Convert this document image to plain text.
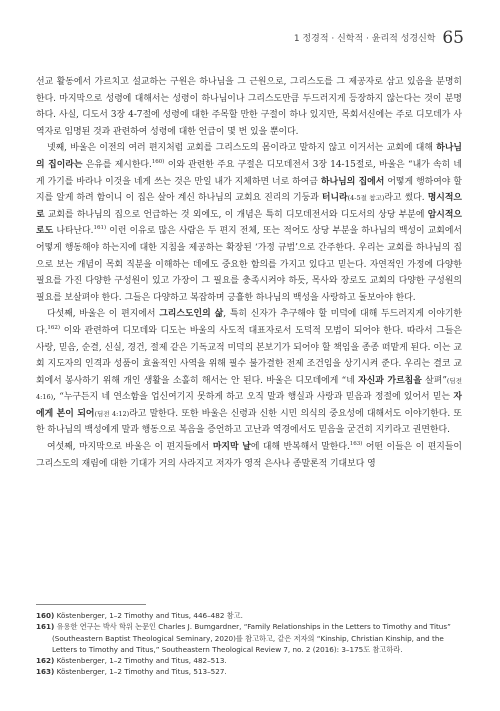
1 정경적 · 신학적 · 윤리적 성경신학 65

선교 활동에서 가르치고 설교하는 구원은 하나님을 그 근원으로, 그리스도를 그 제공자로 삼고 있음을 분명히 한다. 마지막으로 성령에 대해서는 성령이 하나님이나 그리스도만큼 두드러지게 등장하지 않는다는 것이 분명하다. 사실, 디도서 3장 4-7절에 성령에 대한 주목할 만한 구절이 하나 있지만, 목회서신에는 주로 디모데가 사역자로 임명된 것과 관련하여 성령에 대한 언급이 몇 번 있을 뿐이다.

넷째, 바울은 이전의 여러 편지처럼 교회를 그리스도의 몸이라고 말하지 않고 이거서는 교회에 대해 하나님의 집이라는 은유를 제시한다.$^{160)}$ 이와 관련한 주요 구절은 디모데전서 3장 14-15절로, 바울은 “내가 속히 네게 가기를 바라나 이것을 네게 쓰는 것은 만일 내가 지체하면 너로 하여금 하나님의 집에서 어떻게 행하여야 할지를 알게 하려 함이니 이 집은 살아 계신 하나님의 교회요 진리의 기둥과 터니라(4-5절 참고)라고 썼다. 명시적으로 교회를 하나님의 집으로 언급하는 것 외에도, 이 개념은 특히 디모데전서와 디도서의 상당 부분에 암시적으로도 나타난다.$^{161)}$ 이런 이유로 많은 사람은 두 편지 전체, 또는 적어도 상당 부분을 하나님의 백성이 교회에서 어떻게 행동해야 하는지에 대한 지침을 제공하는 확장된 ‘가정 규범’으로 간주한다. 우리는 교회를 하나님의 집으로 보는 개념이 목회 직분을 이해하는 데에도 중요한 함의를 가지고 있다고 믿는다. 자연적인 가정에 다양한 필요를 가진 다양한 구성원이 있고 가장이 그 필요를 충족시켜야 하듯, 목사와 장로도 교회의 다양한 구성원의 필요를 보살펴야 한다. 그들은 다양하고 복잡하며 긍휼한 하나님의 백성을 사랑하고 돌보아야 한다.

다섯째, 바울은 이 편지에서 그리스도인의 삶, 특히 신자가 추구해야 할 미덕에 대해 두드러지게 이야기한다.$^{162)}$ 이와 관련하여 디모데와 디도는 바울의 사도적 대표자로서 도덕적 모범이 되어야 한다. 따라서 그들은 사랑, 믿음, 순결, 신실, 경건, 절제 같은 기독교적 미덕의 본보기가 되어야 할 책임을 종종 떠맡게 된다. 이는 교회 지도자의 인격과 성품이 효율적인 사역을 위해 필수 불가결한 전제 조건임을 상기시켜 준다. 우리는 결코 교회에서 봉사하기 위해 개인 생활을 소홀히 해서는 안 된다. 바울은 디모데에게 “네 자신과 가르침을 살펴”(딤전 4:16), “누구든지 네 연소함을 업신여기지 못하게 하고 오직 말과 행실과 사랑과 믿음과 정절에 있어서 믿는 자에게 본이 되어(딤전 4:12)라고 말한다. 또한 바울은 신령과 신한 시민 의식의 중요성에 대해서도 이야기한다. 또한 하나님의 백성에게 말과 행동으로 복음을 증언하고 고난과 역경에서도 믿음을 굳건히 지키라고 권면한다.

여섯째, 마지막으로 바울은 이 편지들에서 마지막 날에 대해 반복해서 말한다.$^{163)}$ 어떤 이들은 이 편지들이 그리스도의 재림에 대한 기대가 거의 사라지고 저자가 영적 은사나 종말론적 기대보다 영

160) Köstenberger, 1–2 Timothy and Titus, 446–482 참고.
161) 유용한 연구는 박사 학위 논문인 Charles J. Bumgardner, “Family Relationships in the Letters to Timothy and Titus” (Southeastern Baptist Theological Seminary, 2020)를 참고하고, 같은 저자의 “Kinship, Christian Kinship, and the Letters to Timothy and Titus,” Southeastern Theological Review 7, no. 2 (2016): 3–175도 참고하라.
162) Köstenberger, 1–2 Timothy and Titus, 482–513.
163) Köstenberger, 1–2 Timothy and Titus, 513–527.
